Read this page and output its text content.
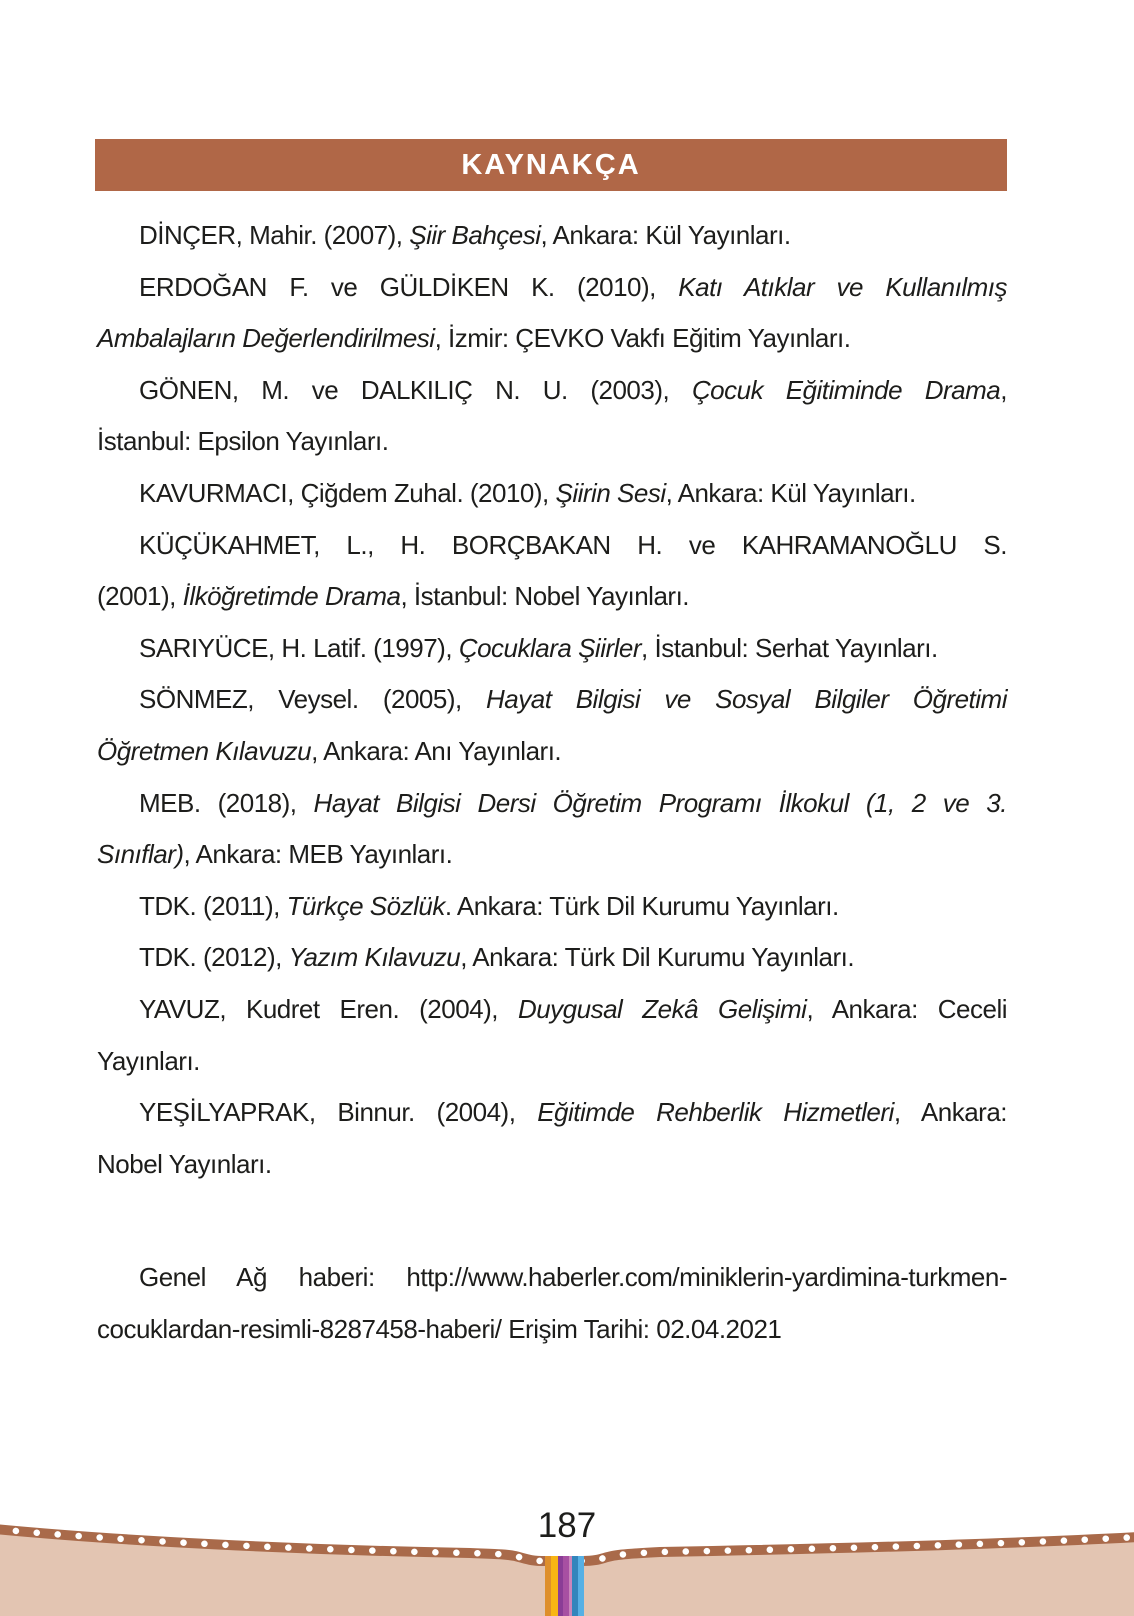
KAYNAKÇA
DİNÇER, Mahir. (2007), Şiir Bahçesi, Ankara: Kül Yayınları.
ERDOĞAN F. ve GÜLDİKEN K. (2010), Katı Atıklar ve Kullanılmış
Ambalajların Değerlendirilmesi, İzmir: ÇEVKO Vakfı Eğitim Yayınları.
GÖNEN, M. ve DALKILIÇ N. U. (2003), Çocuk Eğitiminde Drama,
İstanbul: Epsilon Yayınları.
KAVURMACI, Çiğdem Zuhal. (2010), Şiirin Sesi, Ankara: Kül Yayınları.
KÜÇÜKAHMET, L., H. BORÇBAKAN H. ve KAHRAMANOĞLU S.
(2001), İlköğretimde Drama, İstanbul: Nobel Yayınları.
SARIYÜCE, H. Latif. (1997), Çocuklara Şiirler, İstanbul: Serhat Yayınları.
SÖNMEZ, Veysel. (2005), Hayat Bilgisi ve Sosyal Bilgiler Öğretimi
Öğretmen Kılavuzu, Ankara: Anı Yayınları.
MEB. (2018), Hayat Bilgisi Dersi Öğretim Programı İlkokul (1, 2 ve 3.
Sınıflar), Ankara: MEB Yayınları.
TDK. (2011), Türkçe Sözlük. Ankara: Türk Dil Kurumu Yayınları.
TDK. (2012), Yazım Kılavuzu, Ankara: Türk Dil Kurumu Yayınları.
YAVUZ, Kudret Eren. (2004), Duygusal Zekâ Gelişimi, Ankara: Ceceli
Yayınları.
YEŞİLYAPRAK, Binnur. (2004), Eğitimde Rehberlik Hizmetleri, Ankara:
Nobel Yayınları.
Genel Ağ haberi: http://www.haberler.com/miniklerin-yardimina-turkmen-
cocuklardan-resimli-8287458-haberi/ Erişim Tarihi: 02.04.2021
187
